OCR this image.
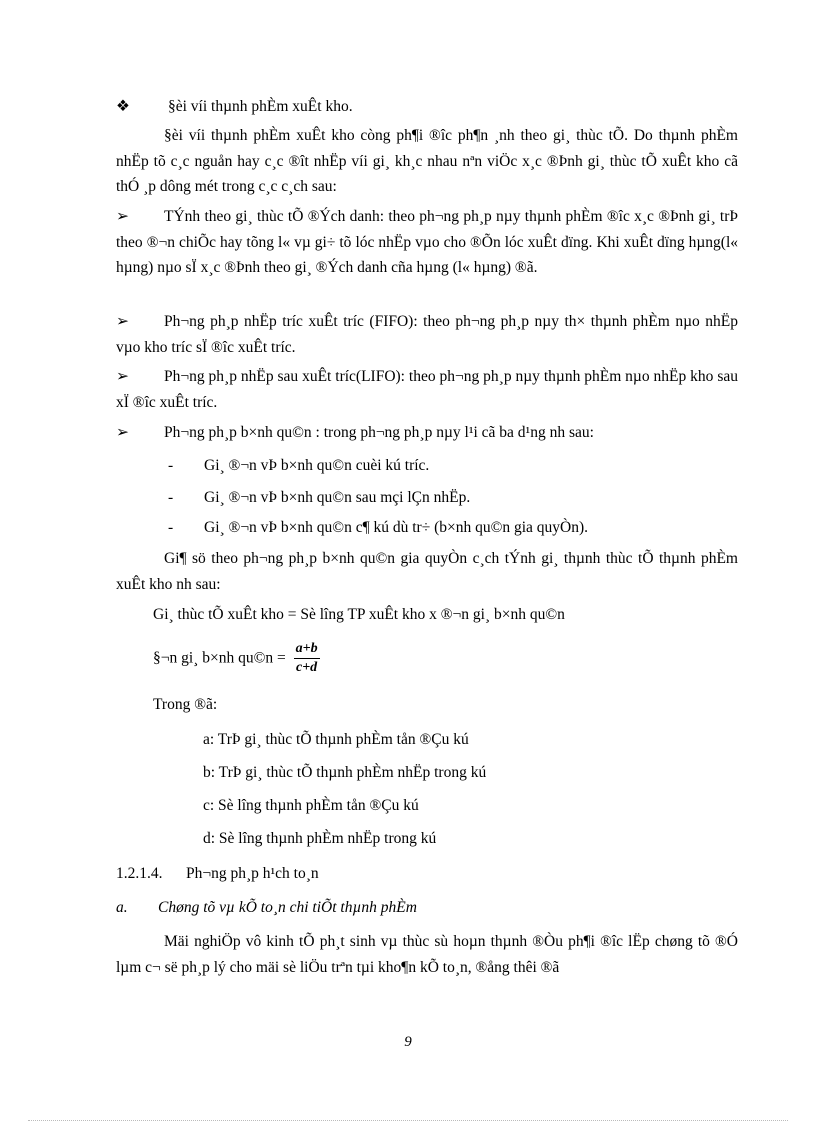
❖ §èi víi thµnh phÈm xuÊt kho.
§èi víi thµnh phÈm xuÊt kho còng ph¶i ®îc ph¶n ¸nh theo gi¸ thùc tÕ. Do thµnh phÈm nhËp tõ c¸c nguån hay c¸c ®ît nhËp víi gi¸ kh¸c nhau nªn viÖc x¸c ®Þnh gi¸ thùc tÕ xuÊt kho cã thÓ ¸p dông mét trong c¸c c¸ch sau:
➢ TÝnh theo gi¸ thùc tÕ ®Ých danh: theo ph¬ng ph¸p nµy thµnh phÈm ®îc x¸c ®Þnh gi¸ trÞ theo ®¬n chiÕc hay tõng l« vµ gi÷ tõ lóc nhËp vµo cho ®Õn lóc xuÊt dïng. Khi xuÊt dïng hµng(l« hµng) nµo sÏ x¸c ®Þnh theo gi¸ ®Ých danh cña hµng (l« hµng) ®ã.
➢ Ph¬ng ph¸p nhËp tríc xuÊt tríc (FIFO): theo ph¬ng ph¸p nµy th× thµnh phÈm nµo nhËp vµo kho tríc sÏ ®îc xuÊt tríc.
➢ Ph¬ng ph¸p nhËp sau xuÊt tríc(LIFO): theo ph¬ng ph¸p nµy thµnh phÈm nµo nhËp kho sau xÏ ®îc xuÊt tríc.
➢ Ph¬ng ph¸p b×nh qu©n : trong ph¬ng ph¸p nµy l¹i cã ba d¹ng nh sau:
- Gi¸ ®¬n vÞ b×nh qu©n cuèi kú tríc.
- Gi¸ ®¬n vÞ b×nh qu©n sau mçi lÇn nhËp.
- Gi¸ ®¬n vÞ b×nh qu©n c¶ kú dù tr÷ (b×nh qu©n gia quyÒn).
Gi¶ sö theo ph¬ng ph¸p b×nh qu©n gia quyÒn c¸ch tÝnh gi¸ thµnh thùc tÕ thµnh phÈm xuÊt kho nh sau:
Gi¸ thùc tÕ xuÊt kho = Sè lîng TP xuÊt kho x ®¬n gi¸ b×nh qu©n
§¬n gi¸ b×nh qu©n = $\frac{a+b}{c+d}$
Trong ®ã:
a: TrÞ gi¸ thùc tÕ thµnh phÈm tån ®Çu kú
b: TrÞ gi¸ thùc tÕ thµnh phÈm nhËp trong kú
c: Sè lîng thµnh phÈm tån ®Çu kú
d: Sè lîng thµnh phÈm nhËp trong kú
1.2.1.4. Ph¬ng ph¸p h¹ch to¸n
a. Chøng tõ vµ kÕ to¸n chi tiÕt thµnh phÈm
Mäi nghiÖp vô kinh tÕ ph¸t sinh vµ thùc sù hoµn thµnh ®Òu ph¶i ®îc lËp chøng tõ ®Ó lµm c¬ së ph¸p lý cho mäi sè liÖu trªn tµi kho¶n kÕ to¸n, ®ång thêi ®ã
9
